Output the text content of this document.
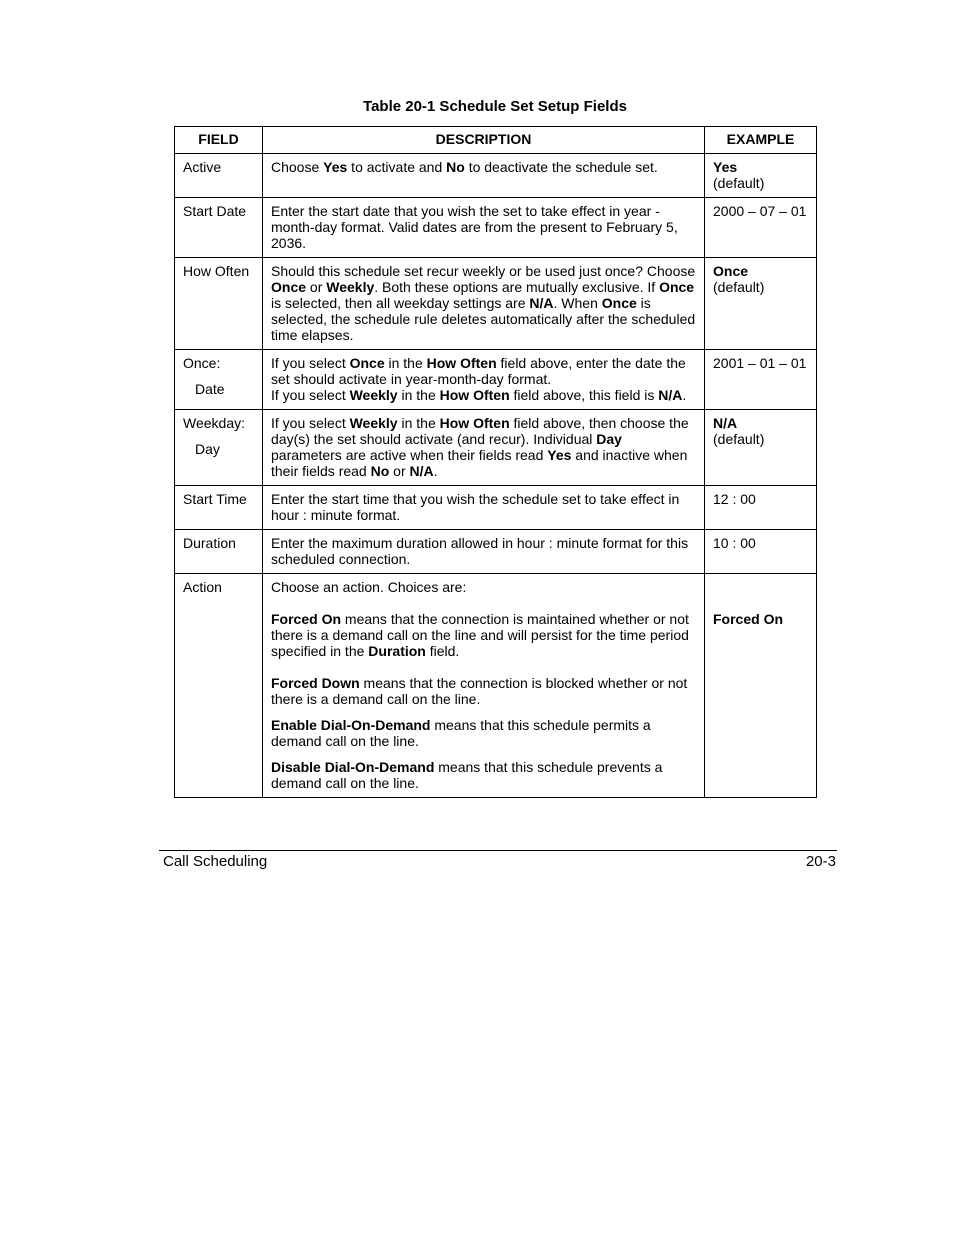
Table 20-1 Schedule Set Setup Fields
FIELD	DESCRIPTION	EXAMPLE
Active	Choose Yes to activate and No to deactivate the schedule set.	Yes
(default)

Start Date	Enter the start date that you wish the set to take effect in year - month-day format. Valid dates are from the present to February 5, 2036.	2000 – 07 – 01
How Often	Should this schedule set recur weekly or be used just once? Choose Once or Weekly. Both these options are mutually exclusive. If Once is selected, then all weekday settings are N/A. When Once is selected, the schedule rule deletes automatically after the scheduled time elapses.	Once
(default)

Once:
Date	If you select Once in the How Often field above, enter the date the set should activate in year-month-day format.
If you select Weekly in the How Often field above, this field is N/A.	2001 – 01 – 01

Weekday:
Day	If you select Weekly in the How Often field above, then choose the day(s) the set should activate (and recur). Individual Day parameters are active when their fields read Yes and inactive when their fields read No or N/A.	N/A
(default)

Start Time	Enter the start time that you wish the schedule set to take effect in hour : minute format.	12 : 00
Duration	Enter the maximum duration allowed in hour : minute format for this scheduled connection.	10 : 00
Action	Choose an action. Choices are:
Forced On means that the connection is maintained whether or not there is a demand call on the line and will persist for the time period specified in the Duration field.
Forced Down means that the connection is blocked whether or not there is a demand call on the line.
Enable Dial-On-Demand means that this schedule permits a demand call on the line.
Disable Dial-On-Demand means that this schedule prevents a demand call on the line.	Forced On
Call Scheduling	20-3
